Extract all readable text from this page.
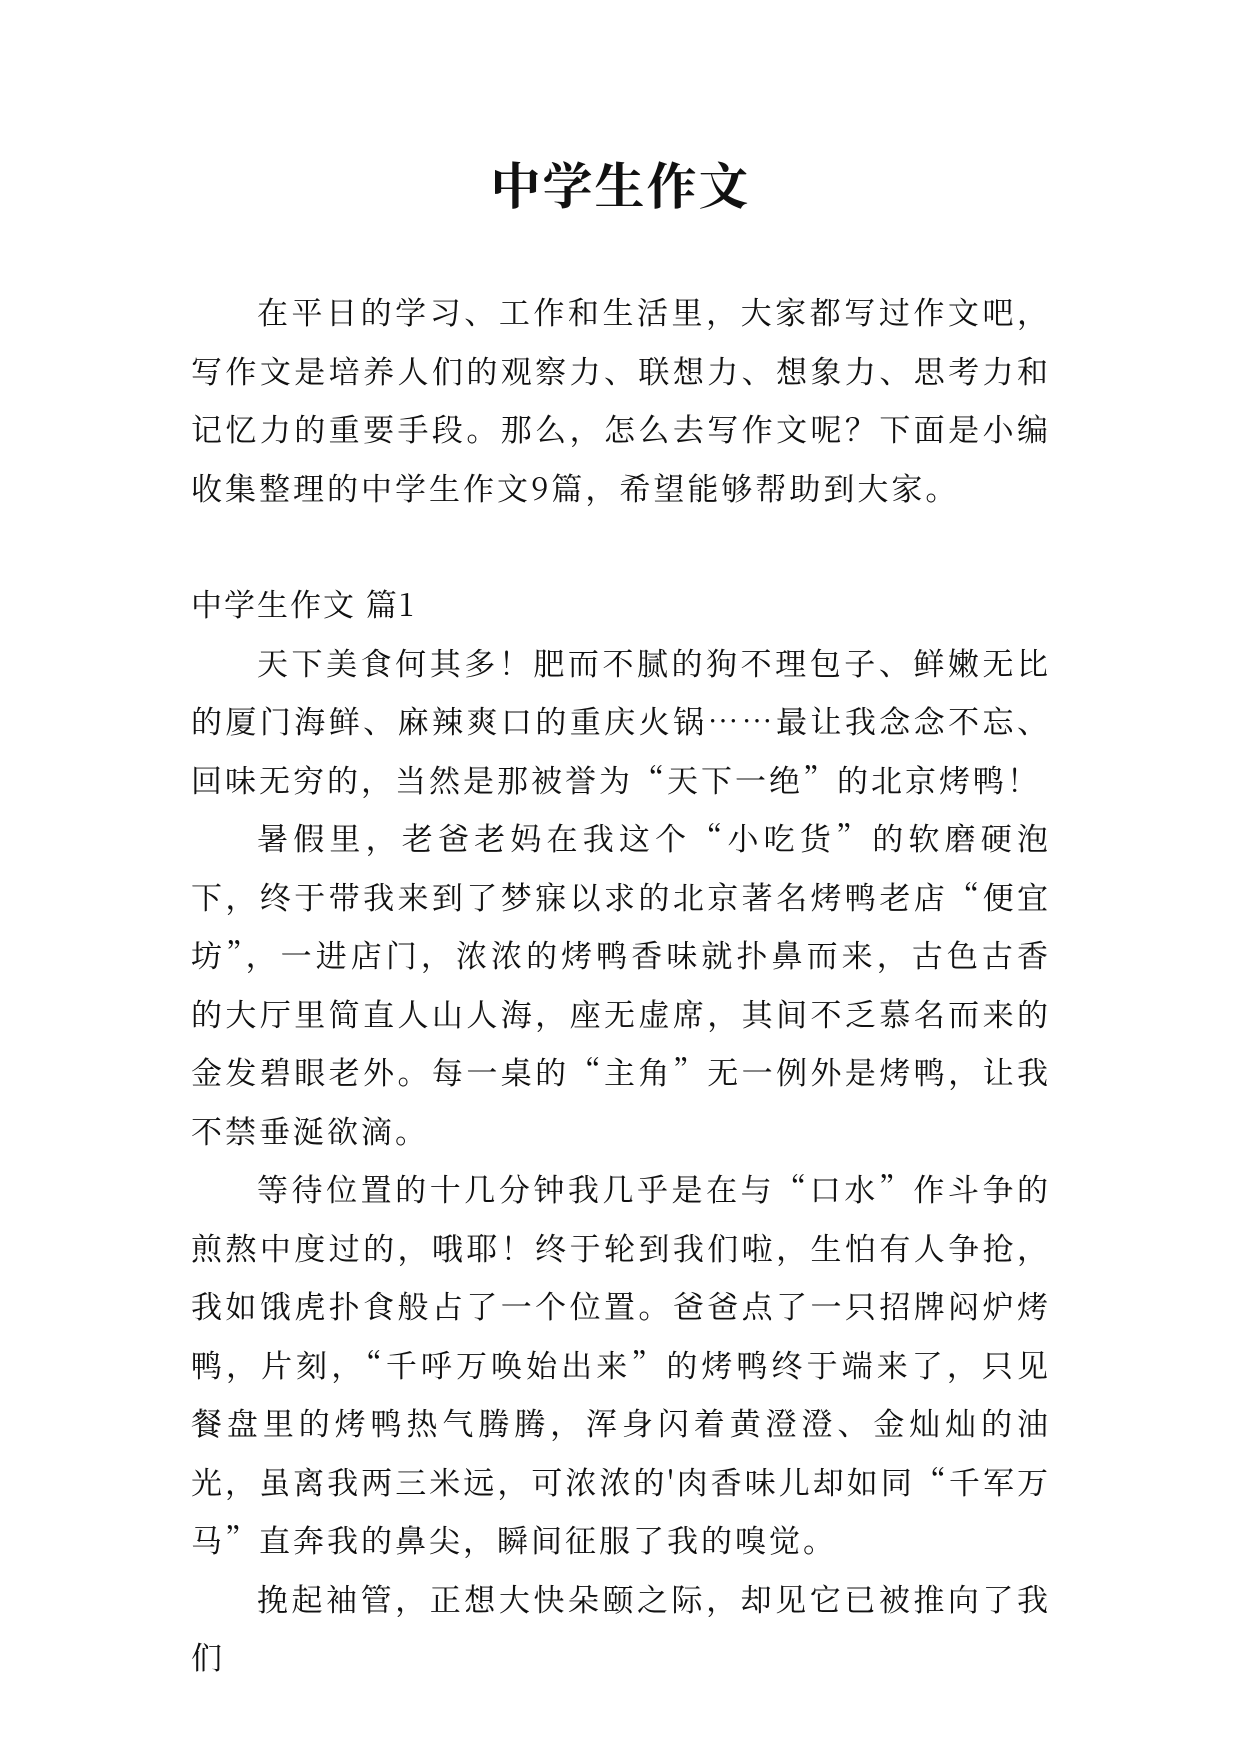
中学生作文

在平日的学习、工作和生活里，大家都写过作文吧，写作文是培养人们的观察力、联想力、想象力、思考力和记忆力的重要手段。那么，怎么去写作文呢？下面是小编收集整理的中学生作文9篇，希望能够帮助到大家。

中学生作文 篇1

天下美食何其多！肥而不腻的狗不理包子、鲜嫩无比的厦门海鲜、麻辣爽口的重庆火锅……最让我念念不忘、回味无穷的，当然是那被誉为“天下一绝”的北京烤鸭！

暑假里，老爸老妈在我这个“小吃货”的软磨硬泡下，终于带我来到了梦寐以求的北京著名烤鸭老店“便宜坊”，一进店门，浓浓的烤鸭香味就扑鼻而来，古色古香的大厅里简直人山人海，座无虚席，其间不乏慕名而来的金发碧眼老外。每一桌的“主角”无一例外是烤鸭，让我不禁垂涎欲滴。

等待位置的十几分钟我几乎是在与“口水”作斗争的煎熬中度过的，哦耶！终于轮到我们啦，生怕有人争抢，我如饿虎扑食般占了一个位置。爸爸点了一只招牌闷炉烤鸭，片刻，“千呼万唤始出来”的烤鸭终于端来了，只见餐盘里的烤鸭热气腾腾，浑身闪着黄澄澄、金灿灿的油光，虽离我两三米远，可浓浓的'肉香味儿却如同“千军万马”直奔我的鼻尖，瞬间征服了我的嗅觉。

挽起袖管，正想大快朵颐之际，却见它已被推向了我们
